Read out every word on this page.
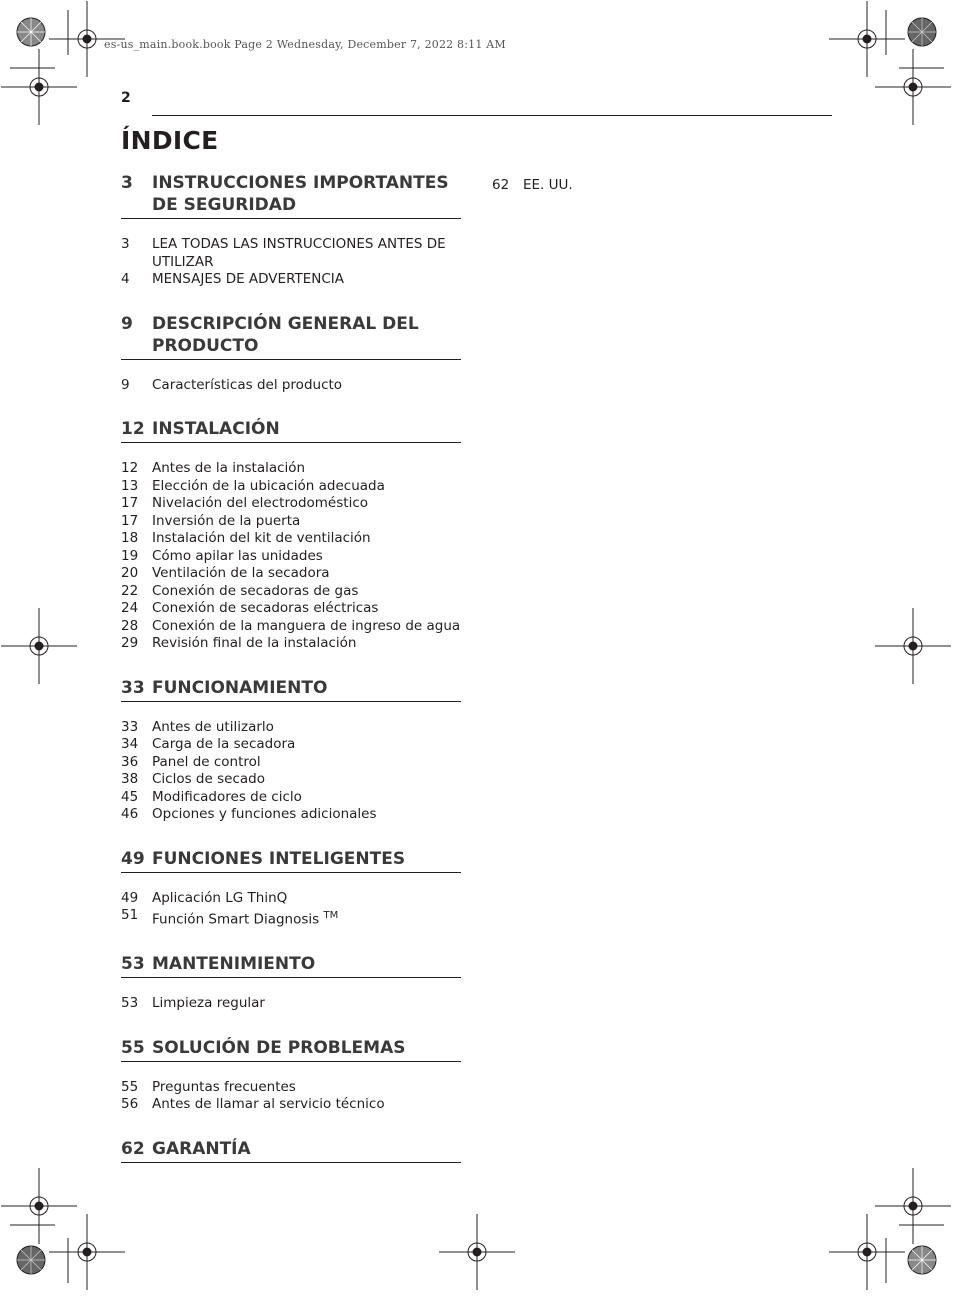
es-us_main.book.book Page 2 Wednesday, December 7, 2022 8:11 AM
2
ÍNDICE
3	INSTRUCCIONES IMPORTANTES DE SEGURIDAD
3	LEA TODAS LAS INSTRUCCIONES ANTES DE UTILIZAR
4	MENSAJES DE ADVERTENCIA
9	DESCRIPCIÓN GENERAL DEL PRODUCTO
9	Características del producto
12 INSTALACIÓN
12	Antes de la instalación
13	Elección de la ubicación adecuada
17	Nivelación del electrodoméstico
17	Inversión de la puerta
18	Instalación del kit de ventilación
19	Cómo apilar las unidades
20	Ventilación de la secadora
22	Conexión de secadoras de gas
24	Conexión de secadoras eléctricas
28	Conexión de la manguera de ingreso de agua
29	Revisión final de la instalación
33 FUNCIONAMIENTO
33	Antes de utilizarlo
34	Carga de la secadora
36	Panel de control
38	Ciclos de secado
45	Modificadores de ciclo
46	Opciones y funciones adicionales
49 FUNCIONES INTELIGENTES
49	Aplicación LG ThinQ
51	Función Smart Diagnosis ™
53 MANTENIMIENTO
53	Limpieza regular
55 SOLUCIÓN DE PROBLEMAS
55	Preguntas frecuentes
56	Antes de llamar al servicio técnico
62 GARANTÍA
62	EE. UU.
